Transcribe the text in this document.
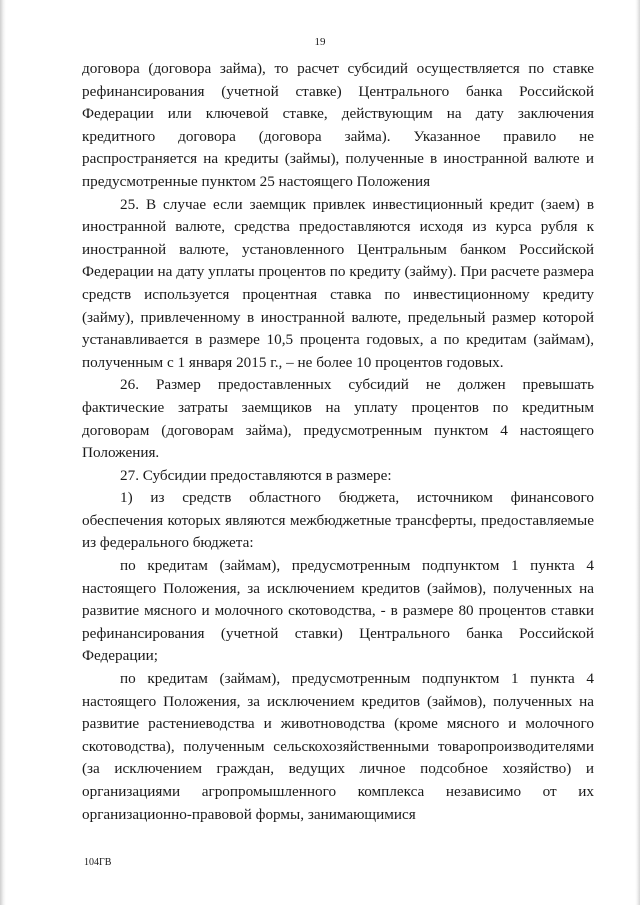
19

договора (договора займа), то расчет субсидий осуществляется по ставке рефинансирования (учетной ставке) Центрального банка Российской Федерации или ключевой ставке, действующим на дату заключения кредитного договора (договора займа). Указанное правило не распространяется на кредиты (займы), полученные в иностранной валюте и предусмотренные пунктом 25 настоящего Положения

25. В случае если заемщик привлек инвестиционный кредит (заем) в иностранной валюте, средства предоставляются исходя из курса рубля к иностранной валюте, установленного Центральным банком Российской Федерации на дату уплаты процентов по кредиту (займу). При расчете размера средств используется процентная ставка по инвестиционному кредиту (займу), привлеченному в иностранной валюте, предельный размер которой устанавливается в размере 10,5 процента годовых, а по кредитам (займам), полученным с 1 января 2015 г., – не более 10 процентов годовых.

26. Размер предоставленных субсидий не должен превышать фактические затраты заемщиков на уплату процентов по кредитным договорам (договорам займа), предусмотренным пунктом 4 настоящего Положения.

27. Субсидии предоставляются в размере:

1) из средств областного бюджета, источником финансового обеспечения которых являются межбюджетные трансферты, предоставляемые из федерального бюджета:

по кредитам (займам), предусмотренным подпунктом 1 пункта 4 настоящего Положения, за исключением кредитов (займов), полученных на развитие мясного и молочного скотоводства, - в размере 80 процентов ставки рефинансирования (учетной ставки) Центрального банка Российской Федерации;

по кредитам (займам), предусмотренным подпунктом 1 пункта 4 настоящего Положения, за исключением кредитов (займов), полученных на развитие растениеводства и животноводства (кроме мясного и молочного скотоводства), полученным сельскохозяйственными товаропроизводителями (за исключением граждан, ведущих личное подсобное хозяйство) и организациями агропромышленного комплекса независимо от их организационно-правовой формы, занимающимися

104ГВ
